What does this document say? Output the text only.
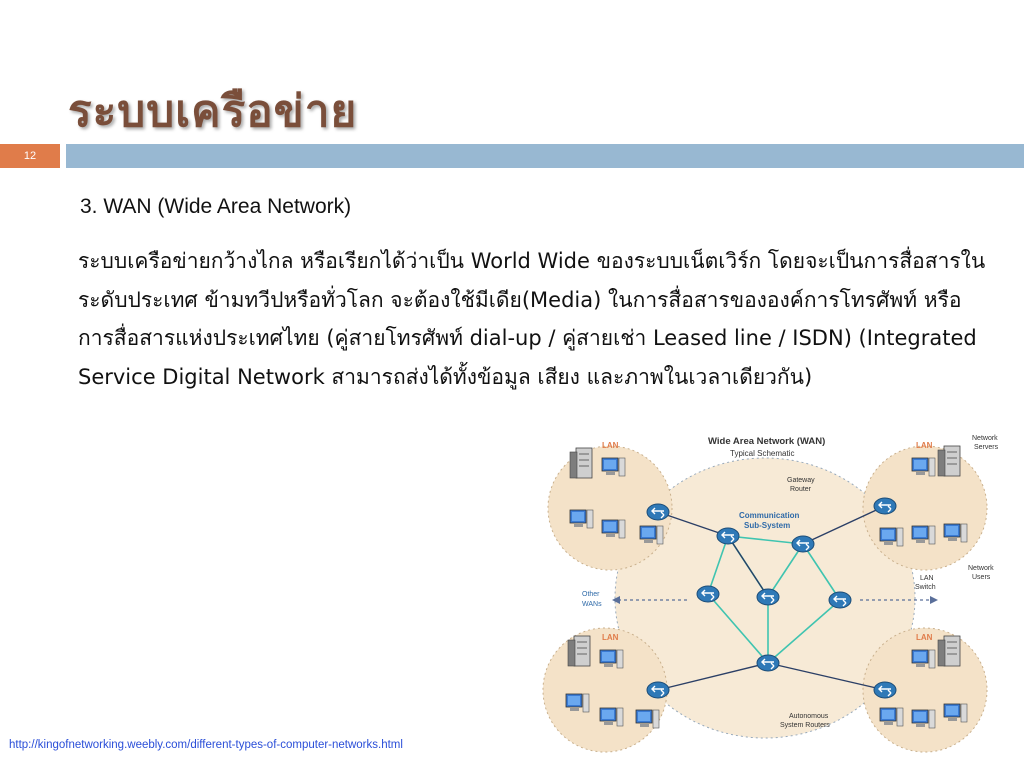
ระบบเครือข่าย
12
3. WAN (Wide Area Network)
ระบบเครือข่ายกว้างไกล หรือเรียกได้ว่าเป็น World Wide ของระบบเน็ตเวิร์ก โดยจะเป็นการสื่อสารในระดับประเทศ ข้ามทวีปหรือทั่วโลก จะต้องใช้มีเดีย(Media) ในการสื่อสารขององค์การโทรศัพท์ หรือการสื่อสารแห่งประเทศไทย (คู่สายโทรศัพท์ dial-up / คู่สายเช่า Leased line / ISDN) (Integrated Service Digital Network สามารถส่งได้ทั้งข้อมูล เสียง และภาพในเวลาเดียวกัน)
Wide Area Network (WAN)
Typical Schematic
LAN	LAN
LAN	LAN
Gateway
Router
Communication
Sub-System
Network
Servers
Network
Users
LAN
Switch
Other
WANs
Autonomous
System Routers
http://kingofnetworking.weebly.com/different-types-of-computer-networks.html
